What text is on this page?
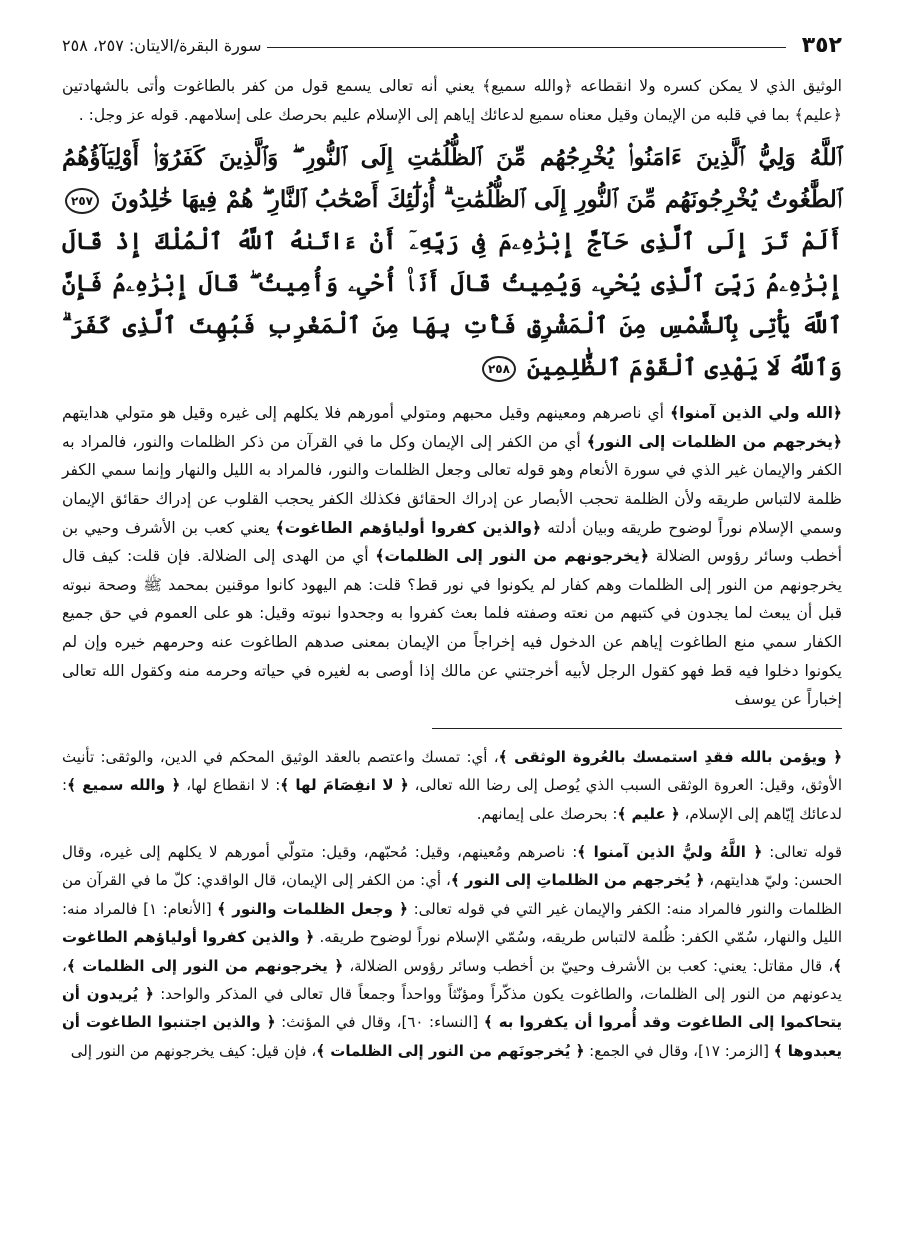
٣٥٢
سورة البقرة/الايتان: ٢٥٧، ٢٥٨

الوثيق الذي لا يمكن كسره ولا انقطاعه ﴿والله سميع﴾ يعني أنه تعالى يسمع قول من كفر بالطاغوت وأتى بالشهادتين ﴿عليم﴾ بما في قلبه من الإيمان وقيل معناه سميع لدعائك إياهم إلى الإسلام عليم بحرصك على إسلامهم. قوله عز وجل: .

ٱللَّهُ وَلِيُّ ٱلَّذِينَ ءَامَنُوا۟ يُخْرِجُهُم مِّنَ ٱلظُّلُمَٰتِ إِلَى ٱلنُّورِ ۖ وَٱلَّذِينَ كَفَرُوٓا۟ أَوْلِيَآؤُهُمُ ٱلطَّٰغُوتُ يُخْرِجُونَهُم مِّنَ ٱلنُّورِ إِلَى ٱلظُّلُمَٰتِ ۗ أُو۟لَٰٓئِكَ أَصْحَٰبُ ٱلنَّارِ ۖ هُمْ فِيهَا خَٰلِدُونَ ٢٥٧ أَلَمْ تَرَ إِلَى ٱلَّذِى حَآجَّ إِبْرَٰهِۦمَ فِى رَبِّهِۦٓ أَنْ ءَاتَىٰهُ ٱللَّهُ ٱلْمُلْكَ إِذْ قَالَ إِبْرَٰهِۦمُ رَبِّىَ ٱلَّذِى يُحْىِۦ وَيُمِيتُ قَالَ أَنَا۠ أُحْىِۦ وَأُمِيتُ ۖ قَالَ إِبْرَٰهِۦمُ فَإِنَّ ٱللَّهَ يَأْتِى بِٱلشَّمْسِ مِنَ ٱلْمَشْرِقِ فَأْتِ بِهَا مِنَ ٱلْمَغْرِبِ فَبُهِتَ ٱلَّذِى كَفَرَ ۗ وَٱللَّهُ لَا يَهْدِى ٱلْقَوْمَ ٱلظَّٰلِمِينَ ٢٥٨

﴿الله ولي الذين آمنوا﴾ أي ناصرهم ومعينهم وقيل محبهم ومتولي أمورهم فلا يكلهم إلى غيره وقيل هو متولي هدايتهم ﴿يخرجهم من الظلمات إلى النور﴾ أي من الكفر إلى الإيمان وكل ما في القرآن من ذكر الظلمات والنور، فالمراد به الكفر والإيمان غير الذي في سورة الأنعام وهو قوله تعالى وجعل الظلمات والنور، فالمراد به الليل والنهار وإنما سمي الكفر ظلمة لالتباس طريقه ولأن الظلمة تحجب الأبصار عن إدراك الحقائق فكذلك الكفر يحجب القلوب عن إدراك حقائق الإيمان وسمي الإسلام نوراً لوضوح طريقه وبيان أدلته ﴿والذين كفروا أولياؤهم الطاغوت﴾ يعني كعب بن الأشرف وحيي بن أخطب وسائر رؤوس الضلالة ﴿يخرجونهم من النور إلى الظلمات﴾ أي من الهدى إلى الضلالة. فإن قلت: كيف قال يخرجونهم من النور إلى الظلمات وهم كفار لم يكونوا في نور قط؟ قلت: هم اليهود كانوا موقنين بمحمد ﷺ وصحة نبوته قبل أن يبعث لما يجدون في كتبهم من نعته وصفته فلما بعث كفروا به وجحدوا نبوته وقيل: هو على العموم في حق جميع الكفار سمي منع الطاغوت إياهم عن الدخول فيه إخراجاً من الإيمان بمعنى صدهم الطاغوت عنه وحرمهم خيره وإن لم يكونوا دخلوا فيه قط فهو كقول الرجل لأبيه أخرجتني عن مالك إذا أوصى به لغيره في حياته وحرمه منه وكقول الله تعالى إخباراً عن يوسف

﴿ ويؤمن بالله فقدِ استمسك بالعُروة الوثقى ﴾، أي: تمسك واعتصم بالعقد الوثيق المحكم في الدين، والوثقى: تأنيث الأوثق، وقيل: العروة الوثقى السبب الذي يُوصل إلى رضا الله تعالى، ﴿ لا انفِصَامَ لها ﴾: لا انقطاع لها، ﴿ والله سميع ﴾: لدعائك إيّاهم إلى الإسلام، ﴿ عليم ﴾: بحرصك على إيمانهم.

قوله تعالى: ﴿ اللَّهُ وليُّ الذين آمنوا ﴾: ناصرهم ومُعينهم، وقيل: مُحبّهم، وقيل: متولّي أمورهم لا يكلهم إلى غيره، وقال الحسن: وليّ هدايتهم، ﴿ يُخرجهم من الظلماتِ إلى النور ﴾، أي: من الكفر إلى الإيمان، قال الواقدي: كلّ ما في القرآن من الظلمات والنور فالمراد منه: الكفر والإيمان غير التي في قوله تعالى: ﴿ وجعل الظلمات والنور ﴾ [الأنعام: ١] فالمراد منه: الليل والنهار، سُمّي الكفر: ظُلمة لالتباس طريقه، وسُمّي الإسلام نوراً لوضوح طريقه. ﴿ والذين كفروا أولياؤهم الطاغوت ﴾، قال مقاتل: يعني: كعب بن الأشرف وحييّ بن أخطب وسائر رؤوس الضلالة، ﴿ يخرجونهم من النور إلى الظلمات ﴾، يدعونهم من النور إلى الظلمات، والطاغوت يكون مذكّراً ومؤنّثاً وواحداً وجمعاً قال تعالى في المذكر والواحد: ﴿ يُريدون أن يتحاكموا إلى الطاغوت وقد أُمروا أن يكفروا به ﴾ [النساء: ٦٠]، وقال في المؤنث: ﴿ والذين اجتنبوا الطاغوت أن يعبدوها ﴾ [الزمر: ١٧]، وقال في الجمع: ﴿ يُخرجونَهم من النور إلى الظلمات ﴾، فإن قيل: كيف يخرجونهم من النور إلى
